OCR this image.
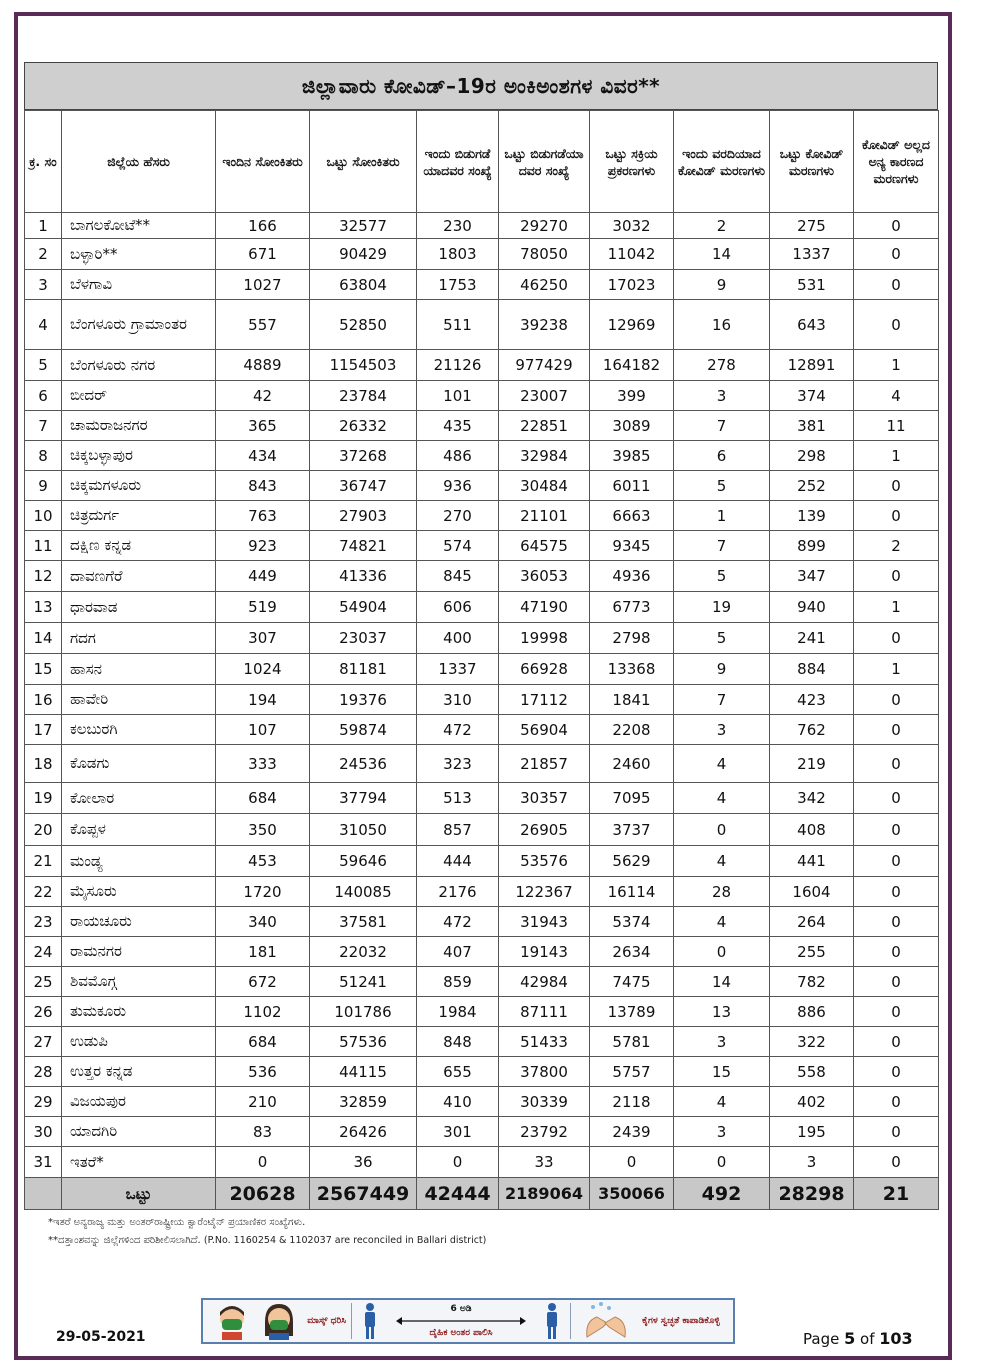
ಜಿಲ್ಲಾವಾರು ಕೋವಿಡ್–19ರ ಅಂಕಿಅಂಶಗಳ ವಿವರ**
ಕ್ರ. ಸಂ	ಜಿಲ್ಲೆಯ ಹೆಸರು	ಇಂದಿನ ಸೋಂಕಿತರು	ಒಟ್ಟು ಸೋಂಕಿತರು	ಇಂದು ಬಿಡುಗಡೆ ಯಾದವರ ಸಂಖ್ಯೆ	ಒಟ್ಟು ಬಿಡುಗಡೆಯಾ ದವರ ಸಂಖ್ಯೆ	ಒಟ್ಟು ಸಕ್ರಿಯ ಪ್ರಕರಣಗಳು	ಇಂದು ವರದಿಯಾದ ಕೋವಿಡ್ ಮರಣಗಳು	ಒಟ್ಟು ಕೋವಿಡ್ ಮರಣಗಳು	ಕೋವಿಡ್ ಅಲ್ಲದ ಅನ್ಯ ಕಾರಣದ ಮರಣಗಳು
1	ಬಾಗಲಕೋಟೆ**	166	32577	230	29270	3032	2	275	0
2	ಬಳ್ಳಾರಿ**	671	90429	1803	78050	11042	14	1337	0
3	ಬೆಳಗಾವಿ	1027	63804	1753	46250	17023	9	531	0
4	ಬೆಂಗಳೂರು ಗ್ರಾಮಾಂತರ	557	52850	511	39238	12969	16	643	0
5	ಬೆಂಗಳೂರು ನಗರ	4889	1154503	21126	977429	164182	278	12891	1
6	ಬೀದರ್	42	23784	101	23007	399	3	374	4
7	ಚಾಮರಾಜನಗರ	365	26332	435	22851	3089	7	381	11
8	ಚಿಕ್ಕಬಳ್ಳಾಪುರ	434	37268	486	32984	3985	6	298	1
9	ಚಿಕ್ಕಮಗಳೂರು	843	36747	936	30484	6011	5	252	0
10	ಚಿತ್ರದುರ್ಗ	763	27903	270	21101	6663	1	139	0
11	ದಕ್ಷಿಣ ಕನ್ನಡ	923	74821	574	64575	9345	7	899	2
12	ದಾವಣಗೆರೆ	449	41336	845	36053	4936	5	347	0
13	ಧಾರವಾಡ	519	54904	606	47190	6773	19	940	1
14	ಗದಗ	307	23037	400	19998	2798	5	241	0
15	ಹಾಸನ	1024	81181	1337	66928	13368	9	884	1
16	ಹಾವೇರಿ	194	19376	310	17112	1841	7	423	0
17	ಕಲಬುರಗಿ	107	59874	472	56904	2208	3	762	0
18	ಕೊಡಗು	333	24536	323	21857	2460	4	219	0
19	ಕೋಲಾರ	684	37794	513	30357	7095	4	342	0
20	ಕೊಪ್ಪಳ	350	31050	857	26905	3737	0	408	0
21	ಮಂಡ್ಯ	453	59646	444	53576	5629	4	441	0
22	ಮೈಸೂರು	1720	140085	2176	122367	16114	28	1604	0
23	ರಾಯಚೂರು	340	37581	472	31943	5374	4	264	0
24	ರಾಮನಗರ	181	22032	407	19143	2634	0	255	0
25	ಶಿವಮೊಗ್ಗ	672	51241	859	42984	7475	14	782	0
26	ತುಮಕೂರು	1102	101786	1984	87111	13789	13	886	0
27	ಉಡುಪಿ	684	57536	848	51433	5781	3	322	0
28	ಉತ್ತರ ಕನ್ನಡ	536	44115	655	37800	5757	15	558	0
29	ವಿಜಯಪುರ	210	32859	410	30339	2118	4	402	0
30	ಯಾದಗಿರಿ	83	26426	301	23792	2439	3	195	0
31	ಇತರೆ*	0	36	0	33	0	0	3	0
	ಒಟ್ಟು	20628	2567449	42444	2189064	350066	492	28298	21
*ಇತರೆ ಅನ್ಯರಾಜ್ಯ ಮತ್ತು ಅಂತರ್‌ರಾಷ್ಟ್ರೀಯ ಕ್ವಾರೆಂಟೈನ್ ಪ್ರಯಾಣಿಕರ ಸಂಖ್ಯೆಗಳು.
**ದತ್ತಾಂಶವನ್ನು ಜಿಲ್ಲೆಗಳಿಂದ ಪರಿಶೀಲಿಸಲಾಗಿದೆ. (P.No. 1160254 & 1102037 are reconciled in Ballari district)
ಮಾಸ್ಕ್ ಧರಿಸಿ
6 ಅಡಿ
ದೈಹಿಕ ಅಂತರ ಪಾಲಿಸಿ
ಕೈಗಳ ಸ್ವಚ್ಛತೆ ಕಾಪಾಡಿಕೊಳ್ಳಿ
29-05-2021	Page 5 of 103
